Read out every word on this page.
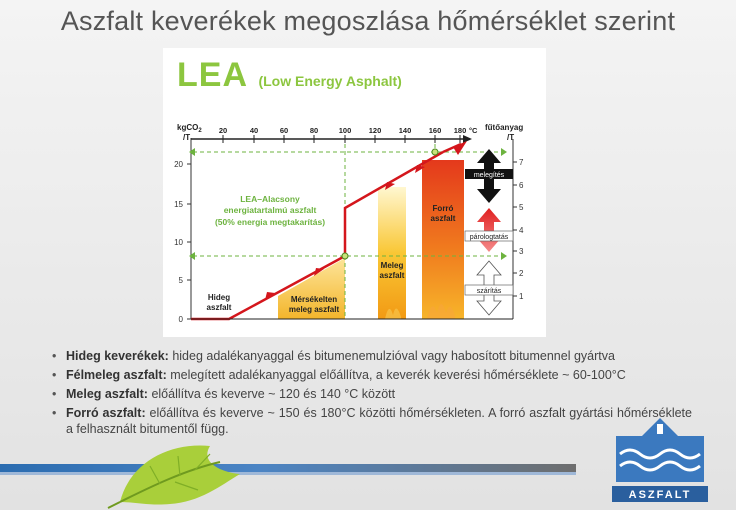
Aszfalt keverékek megoszlása hőmérséklet szerint
LEA (Low Energy Asphalt)
0
5
10
15
20
kgCO$_2$
/T
20	40	60	80	100 120 140 160 180 °C
1
2
3
4
5
6
7
fűtőanyag
/T
LEA–Alacsony
energiatartalmú aszfalt
(50% energia megtakarítás)
Hideg
aszfalt
Mérsékelten
meleg aszfalt
Meleg
aszfalt
Forró
aszfalt
melegítés
párologtatás
szárítás
• Hideg keverékek: hideg adalékanyaggal és bitumenemulzióval vagy habosított bitumennel gyártva
• Félmeleg aszfalt: melegített adalékanyaggal előállítva, a keverék keverési hőmérséklete ~ 60-100°C
• Meleg aszfalt: előállítva és keverve ~ 120 és 140 °C között
• Forró aszfalt: előállítva és keverve ~ 150 és 180°C közötti hőmérsékleten. A forró aszfalt gyártási hőmérséklete a felhasznált bitumentől függ.
ASZFALT
